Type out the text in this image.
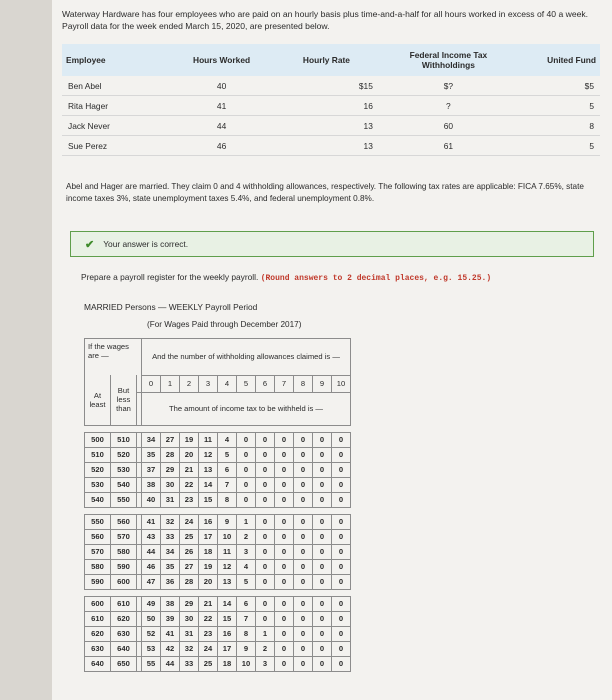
Waterway Hardware has four employees who are paid on an hourly basis plus time-and-a-half for all hours worked in excess of 40 a week. Payroll data for the week ended March 15, 2020, are presented below.
Employee	Hours Worked	Hourly Rate	Federal Income Tax Withholdings	United Fund
Ben Abel	40	$15	$?	$5
Rita Hager	41	16	?	5
Jack Never	44	13	60	8
Sue Perez	46	13	61	5
Abel and Hager are married. They claim 0 and 4 withholding allowances, respectively. The following tax rates are applicable: FICA 7.65%, state income taxes 3%, state unemployment taxes 5.4%, and federal unemployment 0.8%.
✔ Your answer is correct.
Prepare a payroll register for the weekly payroll. (Round answers to 2 decimal places, e.g. 15.25.)
MARRIED Persons — WEEKLY Payroll Period
(For Wages Paid through December 2017)
If the wages are —			And the number of withholding allowances claimed is —										
At least	But less than		0	1	2	3	4	5	6	7	8	9	10
			The amount of income tax to be withheld is —										

500	510		34	27	19	11	4	0	0	0	0	0	0
510	520		35	28	20	12	5	0	0	0	0	0	0
520	530		37	29	21	13	6	0	0	0	0	0	0
530	540		38	30	22	14	7	0	0	0	0	0	0
540	550		40	31	23	15	8	0	0	0	0	0	0

550	560		41	32	24	16	9	1	0	0	0	0	0
560	570		43	33	25	17	10	2	0	0	0	0	0
570	580		44	34	26	18	11	3	0	0	0	0	0
580	590		46	35	27	19	12	4	0	0	0	0	0
590	600		47	36	28	20	13	5	0	0	0	0	0

600	610		49	38	29	21	14	6	0	0	0	0	0
610	620		50	39	30	22	15	7	0	0	0	0	0
620	630		52	41	31	23	16	8	1	0	0	0	0
630	640		53	42	32	24	17	9	2	0	0	0	0
640	650		55	44	33	25	18	10	3	0	0	0	0
